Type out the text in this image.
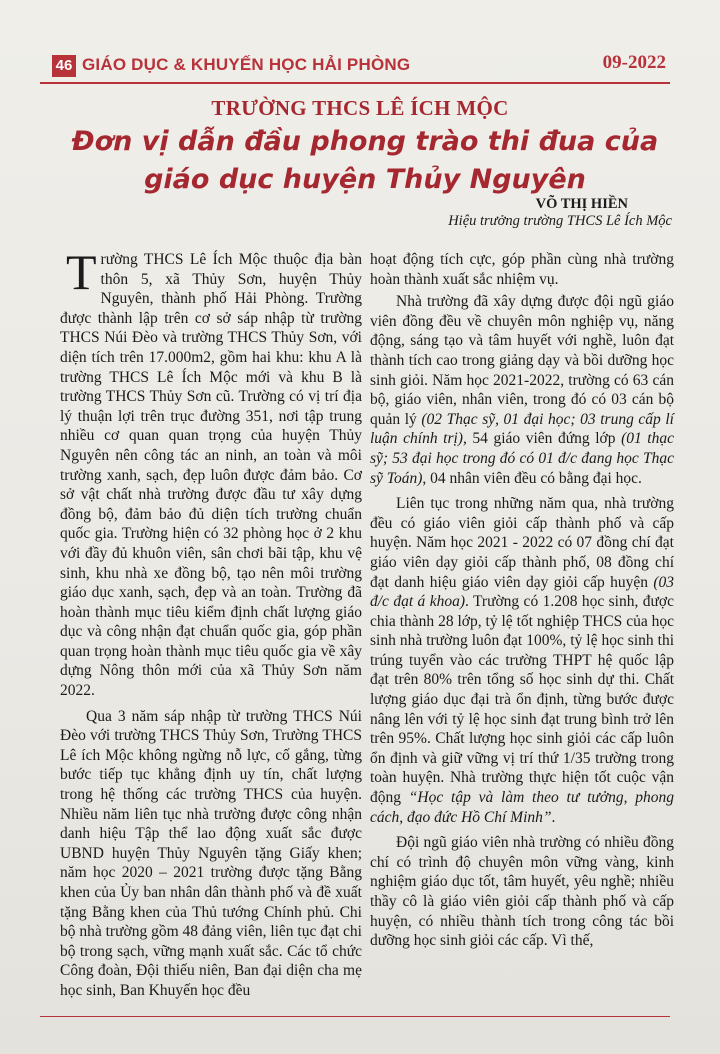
46 GIÁO DỤC & KHUYẾN HỌC HẢI PHÒNG	09-2022
TRƯỜNG THCS LÊ ÍCH MỘC
Đơn vị dẫn đầu phong trào thi đua của
giáo dục huyện Thủy Nguyên
VÕ THỊ HIỀN
Hiệu trưởng trường THCS Lê Ích Mộc

Trường THCS Lê Ích Mộc thuộc địa bàn thôn 5, xã Thủy Sơn, huyện Thủy Nguyên, thành phố Hải Phòng. Trường được thành lập trên cơ sở sáp nhập từ trường THCS Núi Đèo và trường THCS Thủy Sơn, với diện tích trên 17.000m2, gồm hai khu: khu A là trường THCS Lê Ích Mộc mới và khu B là trường THCS Thủy Sơn cũ. Trường có vị trí địa lý thuận lợi trên trục đường 351, nơi tập trung nhiều cơ quan quan trọng của huyện Thủy Nguyên nên công tác an ninh, an toàn và môi trường xanh, sạch, đẹp luôn được đảm bảo. Cơ sở vật chất nhà trường được đầu tư xây dựng đồng bộ, đảm bảo đủ diện tích trường chuẩn quốc gia. Trường hiện có 32 phòng học ở 2 khu với đầy đủ khuôn viên, sân chơi bãi tập, khu vệ sinh, khu nhà xe đồng bộ, tạo nên môi trường giáo dục xanh, sạch, đẹp và an toàn. Trường đã hoàn thành mục tiêu kiểm định chất lượng giáo dục và công nhận đạt chuẩn quốc gia, góp phần quan trọng hoàn thành mục tiêu quốc gia về xây dựng Nông thôn mới của xã Thủy Sơn năm 2022.

Qua 3 năm sáp nhập từ trường THCS Núi Đèo với trường THCS Thủy Sơn, Trường THCS Lê ích Mộc không ngừng nỗ lực, cố gắng, từng bước tiếp tục khẳng định uy tín, chất lượng trong hệ thống các trường THCS của huyện. Nhiều năm liên tục nhà trường được công nhận danh hiệu Tập thể lao động xuất sắc được UBND huyện Thủy Nguyên tặng Giấy khen; năm học 2020 – 2021 trường được tặng Bằng khen của Ủy ban nhân dân thành phố và đề xuất tặng Bằng khen của Thủ tướng Chính phủ. Chi bộ nhà trường gồm 48 đảng viên, liên tục đạt chi bộ trong sạch, vững mạnh xuất sắc. Các tổ chức Công đoàn, Đội thiếu niên, Ban đại diện cha mẹ học sinh, Ban Khuyến học đều

hoạt động tích cực, góp phần cùng nhà trường hoàn thành xuất sắc nhiệm vụ.

Nhà trường đã xây dựng được đội ngũ giáo viên đồng đều về chuyên môn nghiệp vụ, năng động, sáng tạo và tâm huyết với nghề, luôn đạt thành tích cao trong giảng dạy và bồi dưỡng học sinh giỏi. Năm học 2021-2022, trường có 63 cán bộ, giáo viên, nhân viên, trong đó có 03 cán bộ quản lý (02 Thạc sỹ, 01 đại học; 03 trung cấp lí luận chính trị), 54 giáo viên đứng lớp (01 thạc sỹ; 53 đại học trong đó có 01 đ/c đang học Thạc sỹ Toán), 04 nhân viên đều có bằng đại học.

Liên tục trong những năm qua, nhà trường đều có giáo viên giỏi cấp thành phố và cấp huyện. Năm học 2021 - 2022 có 07 đồng chí đạt giáo viên dạy giỏi cấp thành phố, 08 đồng chí đạt danh hiệu giáo viên dạy giỏi cấp huyện (03 đ/c đạt á khoa). Trường có 1.208 học sinh, được chia thành 28 lớp, tỷ lệ tốt nghiệp THCS của học sinh nhà trường luôn đạt 100%, tỷ lệ học sinh thi trúng tuyển vào các trường THPT hệ quốc lập đạt trên 80% trên tổng số học sinh dự thi. Chất lượng giáo dục đại trà ổn định, từng bước được nâng lên với tỷ lệ học sinh đạt trung bình trở lên trên 95%. Chất lượng học sinh giỏi các cấp luôn ổn định và giữ vững vị trí thứ 1/35 trường trong toàn huyện. Nhà trường thực hiện tốt cuộc vận động “Học tập và làm theo tư tưởng, phong cách, đạo đức Hồ Chí Minh”.

Đội ngũ giáo viên nhà trường có nhiều đồng chí có trình độ chuyên môn vững vàng, kinh nghiệm giáo dục tốt, tâm huyết, yêu nghề; nhiều thầy cô là giáo viên giỏi cấp thành phố và cấp huyện, có nhiều thành tích trong công tác bồi dưỡng học sinh giỏi các cấp. Vì thế,
